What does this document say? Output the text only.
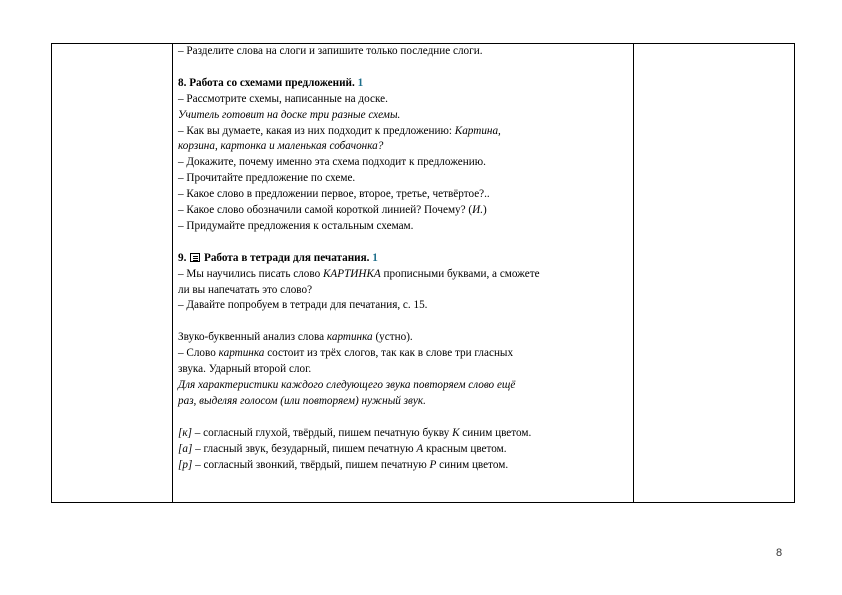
– Разделите слова на слоги и запишите только последние слоги.
8. Работа со схемами предложений. 1
– Рассмотрите схемы, написанные на доске.
Учитель готовит на доске три разные схемы.
– Как вы думаете, какая из них подходит к предложению: Картина,
корзина, картонка и маленькая собачонка?
– Докажите, почему именно эта схема подходит к предложению.
– Прочитайте предложение по схеме.
– Какое слово в предложении первое, второе, третье, четвёртое?..
– Какое слово обозначили самой короткой линией? Почему? (И.)
– Придумайте предложения к остальным схемам.
9.  Работа в тетради для печатания. 1
– Мы научились писать слово КАРТИНКА прописными буквами, а сможете
ли вы напечатать это слово?
– Давайте попробуем в тетради для печатания, с. 15.
Звуко-буквенный анализ слова картинка (устно).
– Слово картинка состоит из трёх слогов, так как в слове три гласных
звука. Ударный второй слог.
Для характеристики каждого следующего звука повторяем слово ещё
раз, выделяя голосом (или повторяем) нужный звук.
[к] – согласный глухой, твёрдый, пишем печатную букву К синим цветом.
[а] – гласный звук, безударный, пишем печатную А красным цветом.
[р] – согласный звонкий, твёрдый, пишем печатную Р синим цветом.
8
